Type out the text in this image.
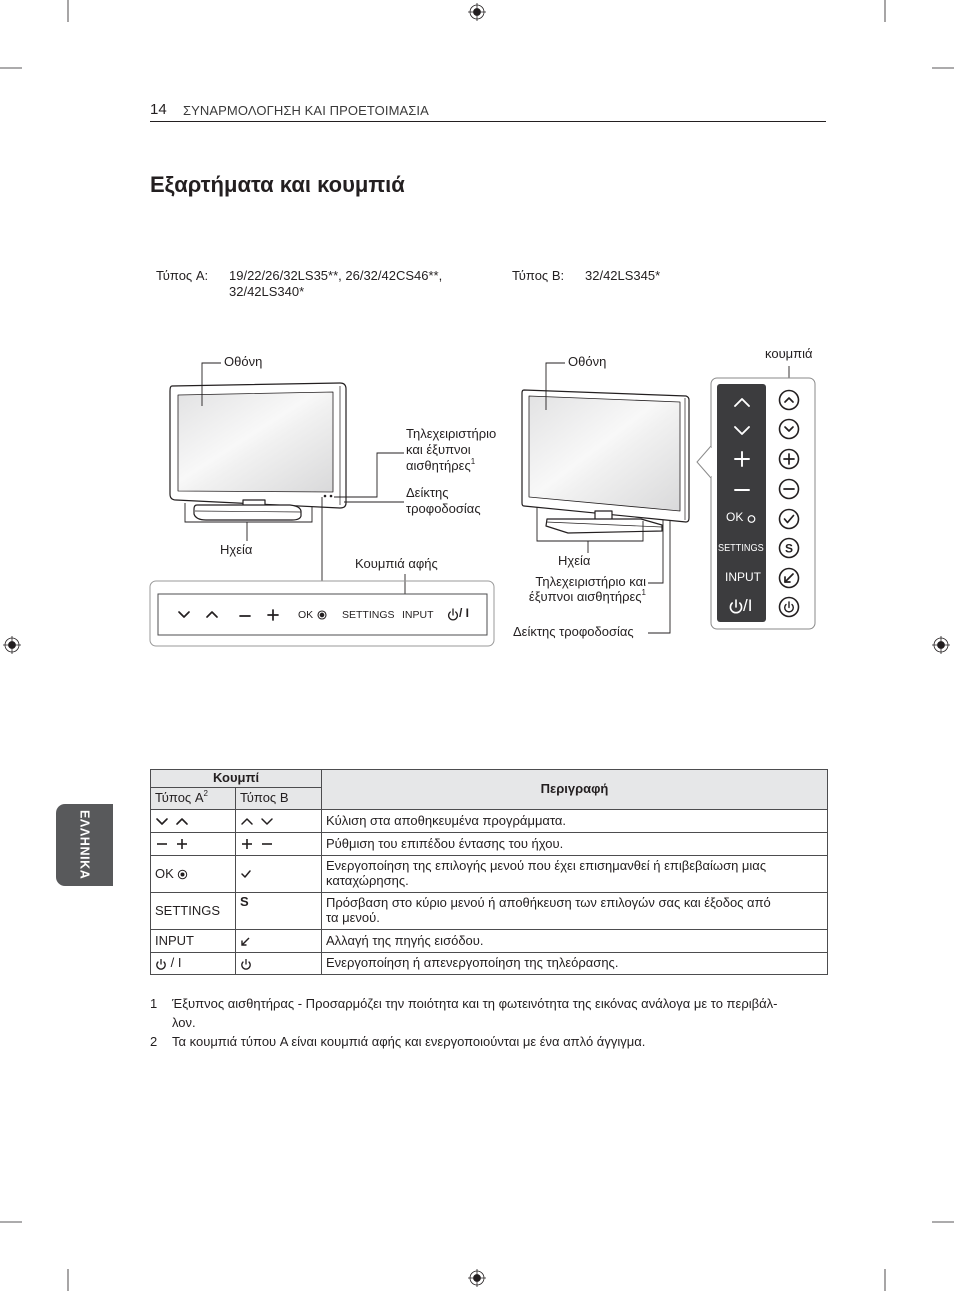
S
14 ΣΥΝΑΡΜΟΛΟΓΗΣΗ ΚΑΙ ΠΡΟΕΤΟΙΜΑΣΙΑ
Εξαρτήματα και κουμπιά
Τύπος A: 19/22/26/32LS35**, 26/32/42CS46**,
32/42LS340*
Τύπος B: 32/42LS345*
Οθόνη
Τηλεχειριστήριο
και έξυπνοι
αισθητήρες$^1$
Δείκτης
τροφοδοσίας
Ηχεία
Κουμπιά αφής
OK	SETTINGS INPUT / I
Οθόνη
κουμπιά
Ηχεία
Τηλεχειριστήριο και
έξυπνοι αισθητήρες$^1$
Δείκτης τροφοδοσίας
OK
SETTINGS
INPUT
/I
Κουμπί		Περιγραφή
Τύπος A$^2$	Τύπος B	
		Κύλιση στα αποθηκευμένα προγράμματα.
		Ρύθμιση του επιπέδου έντασης του ήχου.
OK		Ενεργοποίηση της επιλογής μενού που έχει επισημανθεί ή επιβεβαίωση μιας
καταχώρησης.

SETTINGS	S	Πρόσβαση στο κύριο μενού ή αποθήκευση των επιλογών σας και έξοδος από
τα μενού.

INPUT		Αλλαγή της πηγής εισόδου.
/ I		Ενεργοποίηση ή απενεργοποίηση της τηλεόρασης.
1 Έξυπνος αισθητήρας - Προσαρμόζει την ποιότητα και τη φωτεινότητα της εικόνας ανάλογα με το περιβάλ-
λον.
2 Τα κουμπιά τύπου A είναι κουμπιά αφής και ενεργοποιούνται με ένα απλό άγγιγμα.
ΕΛΛΗΝΙΚΑ
